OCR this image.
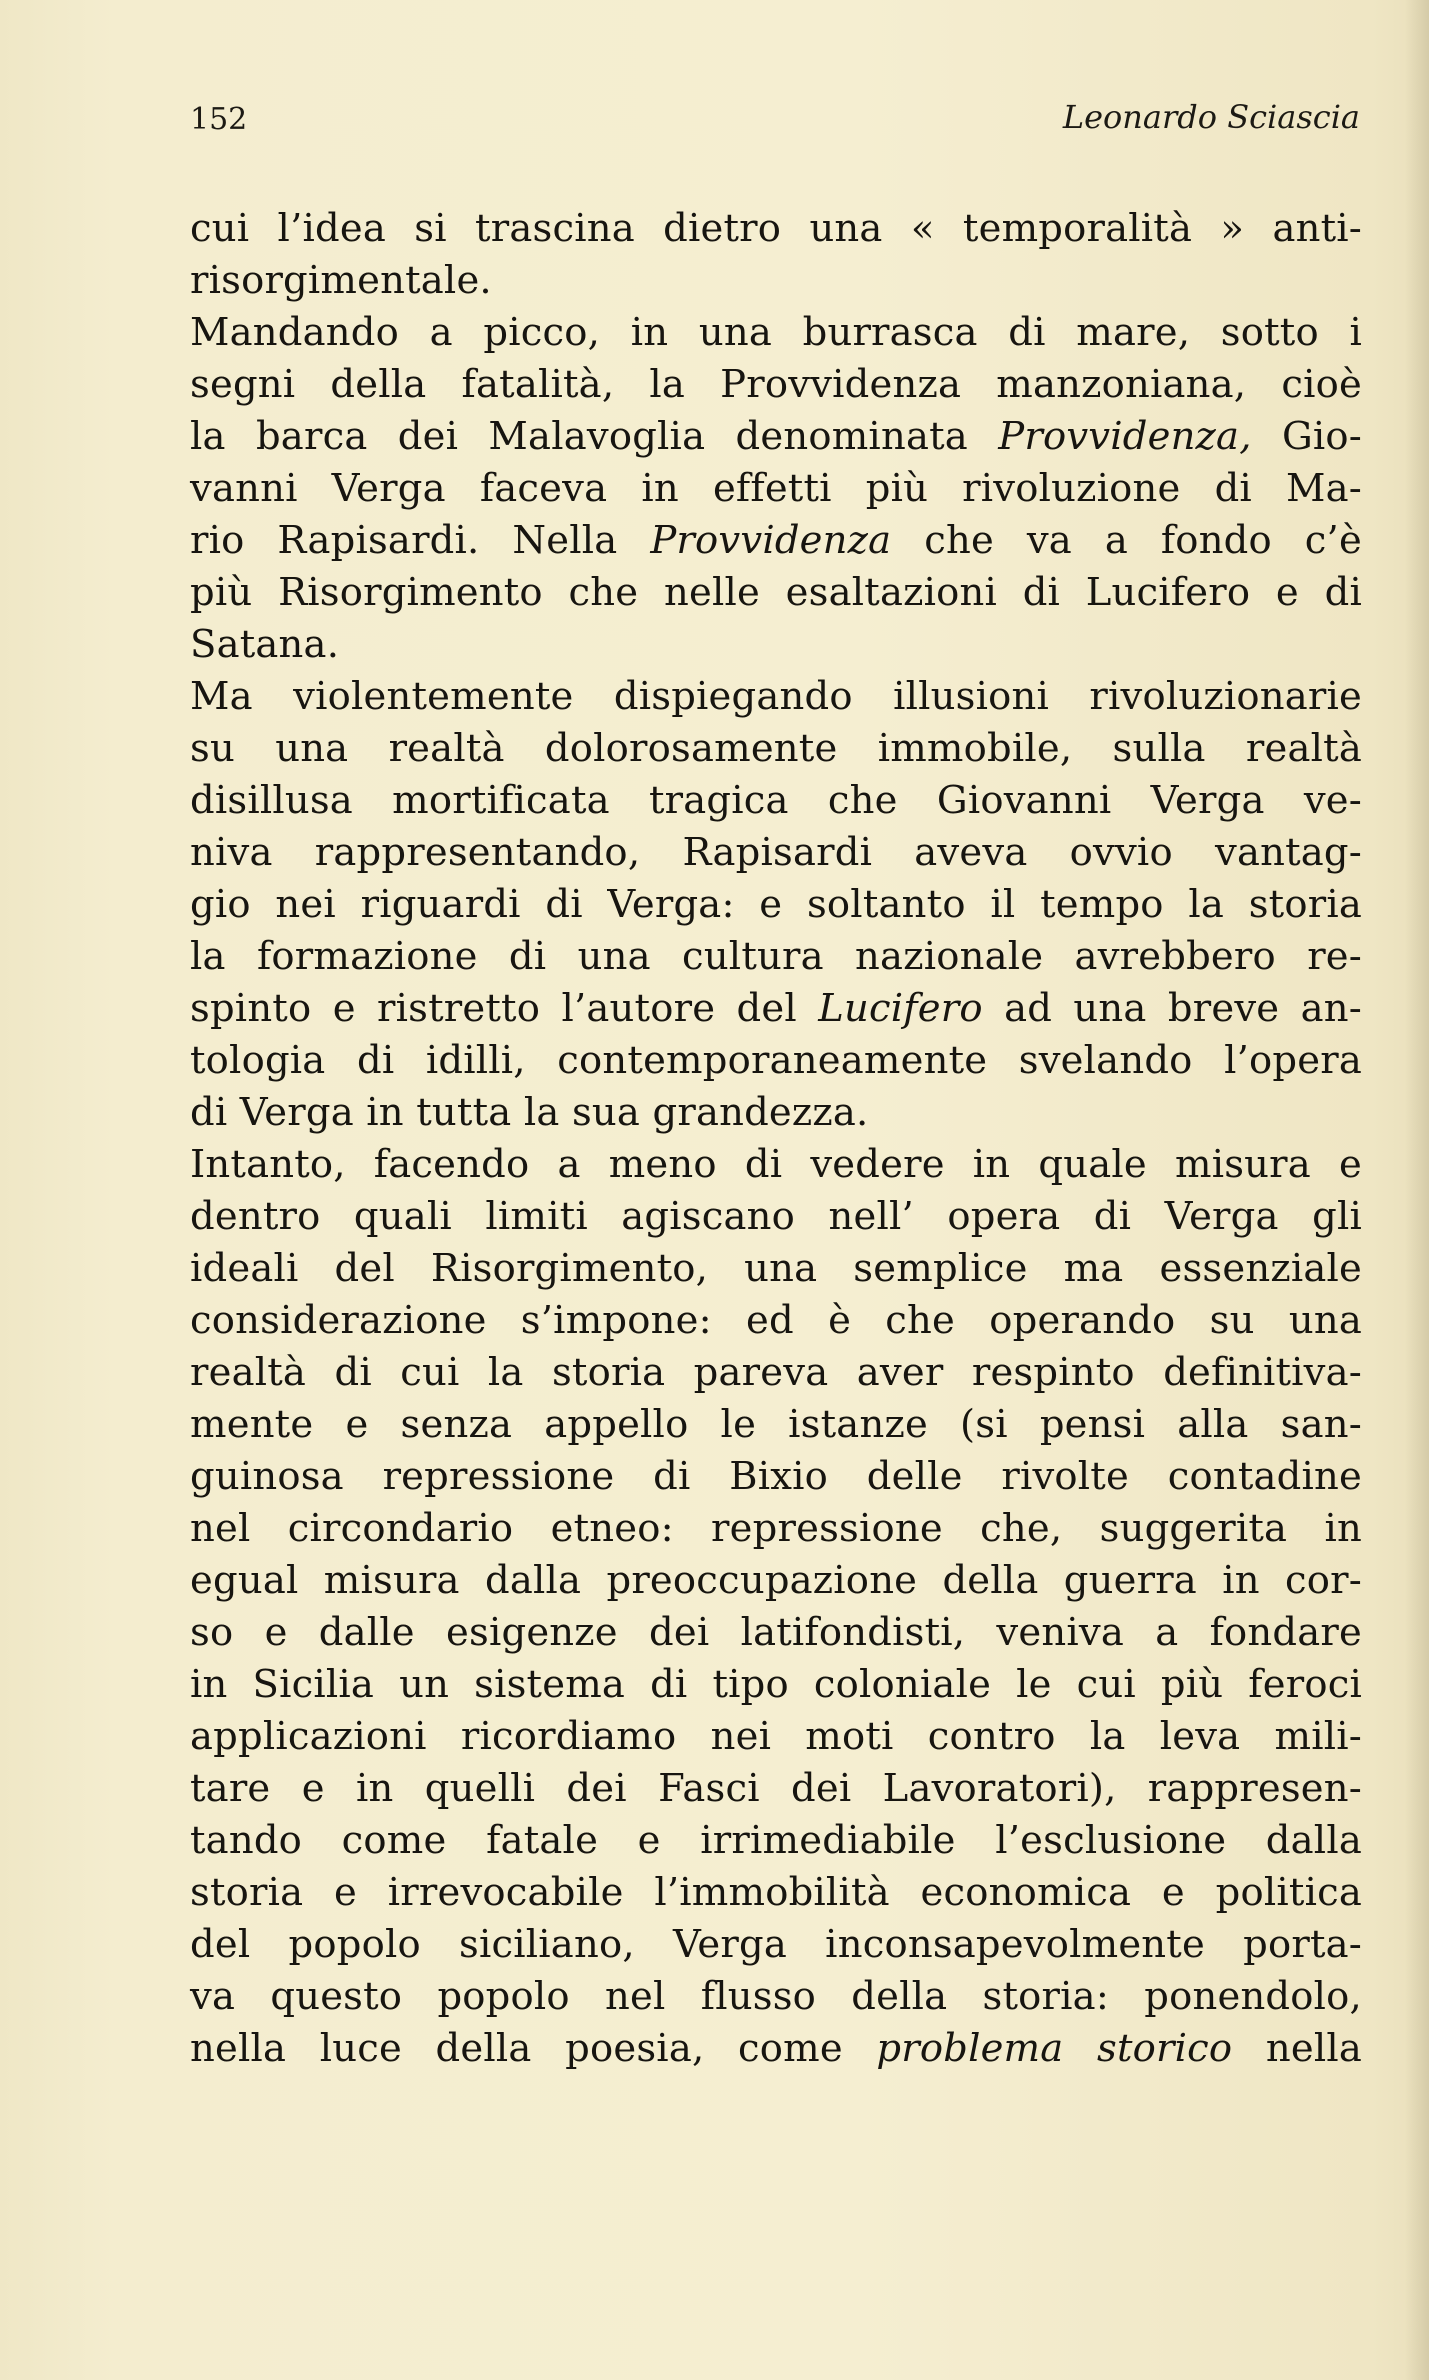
152	Leonardo Sciascia
cui l’idea si trascina dietro una « temporalità » anti-
risorgimentale.
Mandando a picco, in una burrasca di mare, sotto i
segni della fatalità, la Provvidenza manzoniana, cioè
la barca dei Malavoglia denominata Provvidenza, Gio-
vanni Verga faceva in effetti più rivoluzione di Ma-
rio Rapisardi. Nella Provvidenza che va a fondo c’è
più Risorgimento che nelle esaltazioni di Lucifero e di
Satana.
Ma violentemente dispiegando illusioni rivoluzionarie
su una realtà dolorosamente immobile, sulla realtà
disillusa mortificata tragica che Giovanni Verga ve-
niva rappresentando, Rapisardi aveva ovvio vantag-
gio nei riguardi di Verga: e soltanto il tempo la storia
la formazione di una cultura nazionale avrebbero re-
spinto e ristretto l’autore del Lucifero ad una breve an-
tologia di idilli, contemporaneamente svelando l’opera
di Verga in tutta la sua grandezza.
Intanto, facendo a meno di vedere in quale misura e
dentro quali limiti agiscano nell’ opera di Verga gli
ideali del Risorgimento, una semplice ma essenziale
considerazione s’impone: ed è che operando su una
realtà di cui la storia pareva aver respinto definitiva-
mente e senza appello le istanze (si pensi alla san-
guinosa repressione di Bixio delle rivolte contadine
nel circondario etneo: repressione che, suggerita in
egual misura dalla preoccupazione della guerra in cor-
so e dalle esigenze dei latifondisti, veniva a fondare
in Sicilia un sistema di tipo coloniale le cui più feroci
applicazioni ricordiamo nei moti contro la leva mili-
tare e in quelli dei Fasci dei Lavoratori), rappresen-
tando come fatale e irrimediabile l’esclusione dalla
storia e irrevocabile l’immobilità economica e politica
del popolo siciliano, Verga inconsapevolmente porta-
va questo popolo nel flusso della storia: ponendolo,
nella luce della poesia, come problema storico nella
